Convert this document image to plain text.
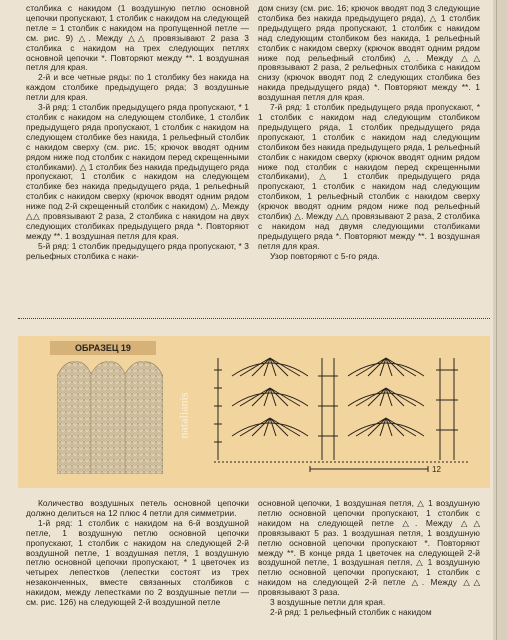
столбика с накидом (1 воздушную петлю основной цепочки пропускают, 1 столбик с накидом на следующей петле = 1 столбик с накидом на пропущенной петле — см. рис. 9) △. Между △△ провязывают 2 раза 3 столбика с накидом на трех следующих петлях основной цепочки *. Повторяют между **. 1 воздушная петля для края.

2-й и все четные ряды: по 1 столбику без накида на каждом столбике предыдущего ряда; 3 воздушные петли для края.

3-й ряд: 1 столбик предыдущего ряда пропускают, * 1 столбик с накидом на следующем столбике, 1 столбик предыдущего ряда пропускают, 1 столбик с накидом на следующем столбике без накида, 1 рельефный столбик с накидом сверху (см. рис. 15; крючок вводят одним рядом ниже под столбик с накидом перед скрещенными столбиками). △ 1 столбик без накида предыдущего ряда пропускают, 1 столбик с накидом на следующем столбике без накида предыдущего ряда, 1 рельефный столбик с накидом сверху (крючок вводят одним рядом ниже под 2-й скрещенный столбик с накидом) △. Между △△ провязывают 2 раза, 2 столбика с накидом на двух следующих столбиках предыдущего ряда *. Повторяют между **. 1 воздушная петля для края.

5-й ряд: 1 столбик предыдущего ряда пропускают, * 3 рельефных столбика с наки-

дом снизу (см. рис. 16; крючок вводят под 3 следующие столбика без накида предыдущего ряда), △ 1 столбик предыдущего ряда пропускают, 1 столбик с накидом над следующим столбиком без накида, 1 рельефный столбик с накидом сверху (крючок вводят одним рядом ниже под рельефный столбик) △. Между △△ провязывают 2 раза, 2 рельефных столбика с накидом снизу (крючок вводят под 2 следующих столбика без накида предыдущего ряда) *. Повторяют между **. 1 воздушная петля для края.

7-й ряд: 1 столбик предыдущего ряда пропускают, * 1 столбик с накидом над следующим столбиком предыдущего ряда, 1 столбик предыдущего ряда пропускают, 1 столбик с накидом над следующим столбиком без накида предыдущего ряда, 1 рельефный столбик с накидом сверху (крючок вводят одним рядом ниже под столбик с накидом перед скрещенными столбиками), △ 1 столбик предыдущего ряда пропускают, 1 столбик с накидом над следующим столбиком, 1 рельефный столбик с накидом сверху (крючок вводят одним рядом ниже под рельефный столбик) △. Между △△ провязывают 2 раза, 2 столбика с накидом над двумя следующими столбиками предыдущего ряда *. Повторяют между **. 1 воздушная петля для края.

Узор повторяют с 5-го ряда.

ОБРАЗЕЦ 19
natalianis
12

Количество воздушных петель основной цепочки должно делиться на 12 плюс 4 петли для симметрии.

1-й ряд: 1 столбик с накидом на 6-й воздушной петле, 1 воздушную петлю основной цепочки пропускают, 1 столбик с накидом на следующей 2-й воздушной петле, 1 воздушная петля, 1 воздушную петлю основной цепочки пропускают, * 1 цветочек из четырех лепестков (лепестки состоят из трех незаконченных, вместе связанных столбиков с накидом, между лепестками по 2 воздушные петли — см. рис. 126) на следующей 2-й воздушной петле

основной цепочки, 1 воздушная петля, △ 1 воздушную петлю основной цепочки пропускают, 1 столбик с накидом на следующей петле △. Между △△ провязывают 5 раз. 1 воздушная петля, 1 воздушную петлю основной цепочки пропускают *. Повторяют между **. В конце ряда 1 цветочек на следующей 2-й воздушной петле, 1 воздушная петля, △ 1 воздушную петлю основной цепочки пропускают, 1 столбик с накидом на следующей 2-й петле △. Между △△ провязывают 3 раза.

3 воздушные петли для края.

2-й ряд: 1 рельефный столбик с накидом
